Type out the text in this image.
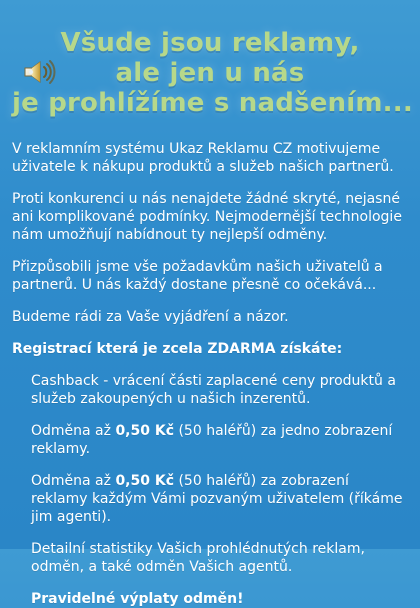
Všude jsou reklamy,
ale jen u nás
je prohlížíme s nadšením...

V reklamním systému Ukaz Reklamu CZ motivujeme uživatele k nákupu produktů a služeb našich partnerů.

Proti konkurenci u nás nenajdete žádné skryté, nejasné ani komplikované podmínky. Nejmodernější technologie nám umožňují nabídnout ty nejlepší odměny.

Přizpůsobili jsme vše požadavkům našich uživatelů a partnerů. U nás každý dostane přesně co očekává...

Budeme rádi za Vaše vyjádření a názor.

Registrací která je zcela ZDARMA získáte:

Cashback - vrácení části zaplacené ceny produktů a služeb zakoupených u našich inzerentů.

Odměna až 0,50 Kč (50 haléřů) za jedno zobrazení reklamy.

Odměna až 0,50 Kč (50 haléřů) za zobrazení reklamy každým Vámi pozvaným uživatelem (říkáme jim agenti).

Detailní statistiky Vašich prohlédnutých reklam, odměn, a také odměn Vašich agentů.

Pravidelné výplaty odměn!
